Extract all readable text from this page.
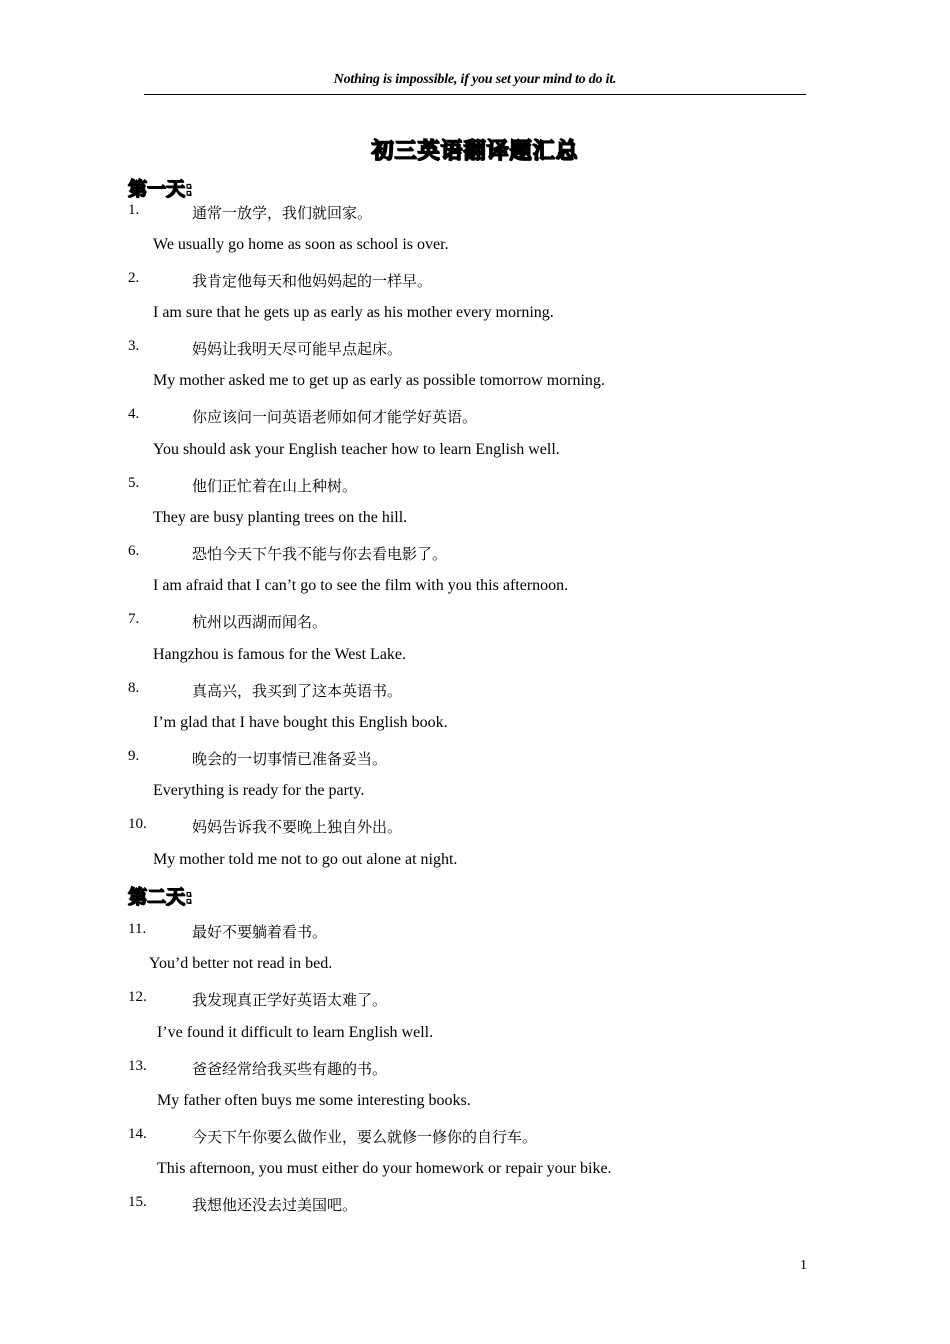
Nothing is impossible, if you set your mind to do it.
初三英语翻译题汇总
第一天:
1.	通常一放学，我们就回家。
We usually go home as soon as school is over.
2.	我肯定他每天和他妈妈起的一样早。
I am sure that he gets up as early as his mother every morning.
3.	妈妈让我明天尽可能早点起床。
My mother asked me to get up as early as possible tomorrow morning.
4.	你应该问一问英语老师如何才能学好英语。
You should ask your English teacher how to learn English well.
5.	他们正忙着在山上种树。
They are busy planting trees on the hill.
6.	恐怕今天下午我不能与你去看电影了。
I am afraid that I can’t go to see the film with you this afternoon.
7.	杭州以西湖而闻名。
Hangzhou is famous for the West Lake.
8.	真高兴，我买到了这本英语书。
I’m glad that I have bought this English book.
9.	晚会的一切事情已准备妥当。
Everything is ready for the party.
10.	妈妈告诉我不要晚上独自外出。
My mother told me not to go out alone at night.
第二天:
11.	最好不要躺着看书。
You’d better not read in bed.
12.	我发现真正学好英语太难了。
I’ve found it difficult to learn English well.
13.	爸爸经常给我买些有趣的书。
My father often buys me some interesting books.
14.	今天下午你要么做作业，要么就修一修你的自行车。
This afternoon, you must either do your homework or repair your bike.
15.	我想他还没去过美国吧。
1
